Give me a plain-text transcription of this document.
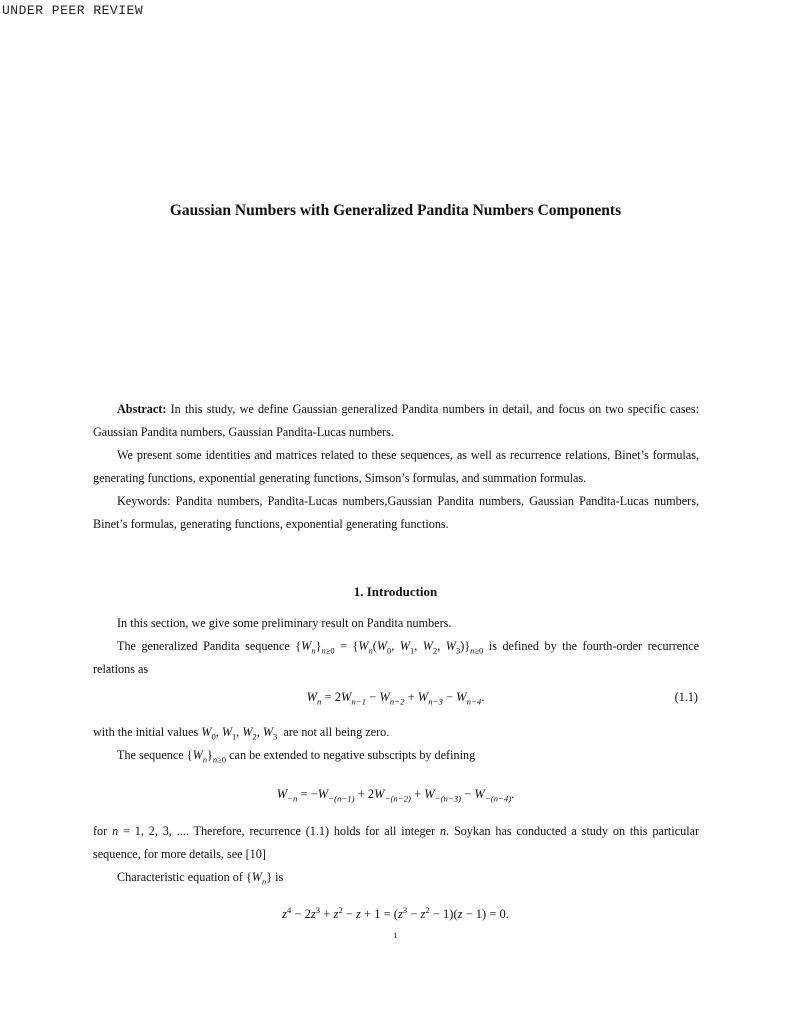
UNDER PEER REVIEW
Gaussian Numbers with Generalized Pandita Numbers Components

Abstract: In this study, we define Gaussian generalized Pandita numbers in detail, and focus on two specific cases: Gaussian Pandita numbers, Gaussian Pandita-Lucas numbers.

We present some identities and matrices related to these sequences, as well as recurrence relations, Binet’s formulas, generating functions, exponential generating functions, Simson’s formulas, and summation formulas.

Keywords: Pandita numbers, Pandita-Lucas numbers,Gaussian Pandita numbers, Gaussian Pandita-Lucas numbers, Binet’s formulas, generating functions, exponential generating functions.

1. Introduction

In this section, we give some preliminary result on Pandita numbers.

The generalized Pandita sequence $\{W_n\}_{n\ge 0} = \{W_n(W_0$, $W_1$, $W_2$, $W_3)\}_{n\ge 0}$ is defined by the fourth-order recurrence relations as

$W_n = 2W_{n-1} - W_{n-2} + W_{n-3} - W_{n-4}$.	(1.1)

with the initial values $W_0$, $W_1$, $W_2$, $W_3$ are not all being zero.

The sequence $\{W_n\}_{n\ge 0}$ can be extended to negative subscripts by defining

$W_{-n} = -W_{-(n-1)} + 2W_{-(n-2)} + W_{-(n-3)} - W_{-(n-4)}$.

for n = 1, 2, 3, .... Therefore, recurrence (1.1) holds for all integer n. Soykan has conducted a study on this particular sequence, for more details, see [10]

Characteristic equation of $\{W_n\}$ is

$z^4 - 2z^3 + z^2 - z + 1 = (z^3 - z^2 - 1)(z - 1) = 0$.
1
